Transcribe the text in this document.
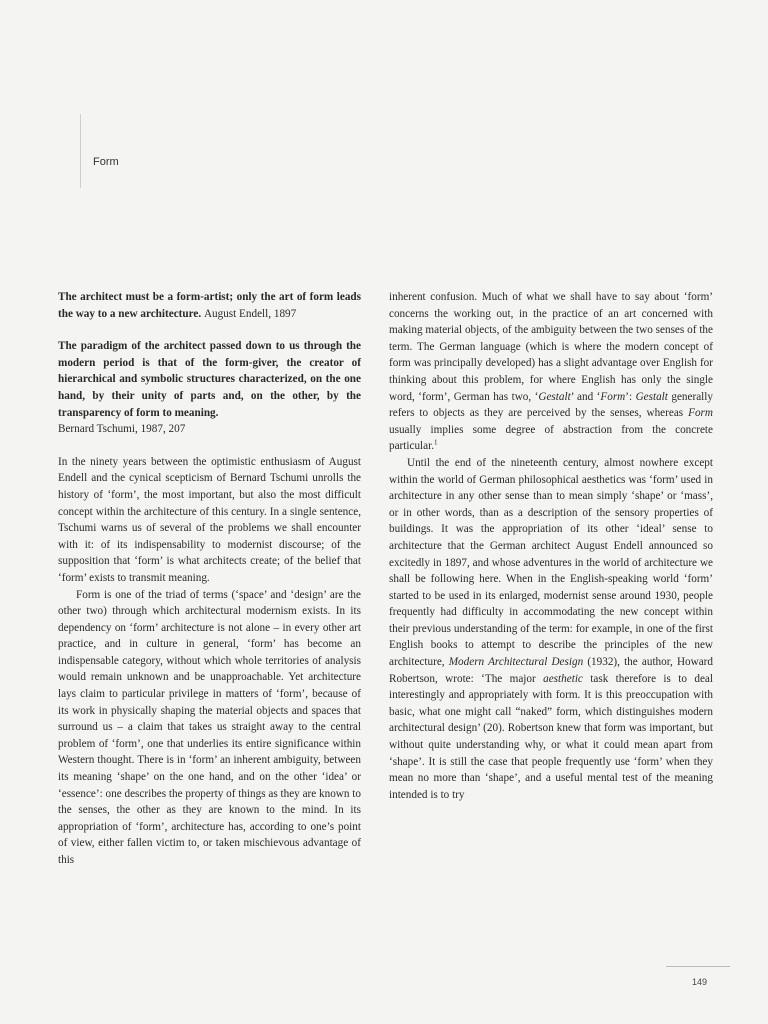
Form

The architect must be a form-artist; only the art of form leads the way to a new architecture. August Endell, 1897

The paradigm of the architect passed down to us through the modern period is that of the form-giver, the creator of hierarchical and symbolic structures characterized, on the one hand, by their unity of parts and, on the other, by the transparency of form to meaning.

Bernard Tschumi, 1987, 207

In the ninety years between the optimistic enthusiasm of August Endell and the cynical scepticism of Bernard Tschumi unrolls the history of ‘form’, the most important, but also the most difficult concept within the architecture of this century. In a single sentence, Tschumi warns us of several of the problems we shall encounter with it: of its indispensability to modernist discourse; of the supposition that ‘form’ is what architects create; of the belief that ‘form’ exists to transmit meaning.

Form is one of the triad of terms (‘space’ and ‘design’ are the other two) through which architectural modernism exists. In its dependency on ‘form’ architecture is not alone – in every other art practice, and in culture in general, ‘form’ has become an indispensable category, without which whole territories of analysis would remain unknown and be unapproachable. Yet architecture lays claim to particular privilege in matters of ‘form’, because of its work in physically shaping the material objects and spaces that surround us – a claim that takes us straight away to the central problem of ‘form’, one that underlies its entire significance within Western thought. There is in ‘form’ an inherent ambiguity, between its meaning ‘shape’ on the one hand, and on the other ‘idea’ or ‘essence’: one describes the property of things as they are known to the senses, the other as they are known to the mind. In its appropriation of ‘form’, architecture has, according to one’s point of view, either fallen victim to, or taken mischievous advantage of this

inherent confusion. Much of what we shall have to say about ‘form’ concerns the working out, in the practice of an art concerned with making material objects, of the ambiguity between the two senses of the term. The German language (which is where the modern concept of form was principally developed) has a slight advantage over English for thinking about this problem, for where English has only the single word, ‘form’, German has two, ‘Gestalt’ and ‘Form’: Gestalt generally refers to objects as they are perceived by the senses, whereas Form usually implies some degree of abstraction from the concrete particular.$^1$

Until the end of the nineteenth century, almost nowhere except within the world of German philosophical aesthetics was ‘form’ used in architecture in any other sense than to mean simply ‘shape’ or ‘mass’, or in other words, than as a description of the sensory properties of buildings. It was the appropriation of its other ‘ideal’ sense to architecture that the German architect August Endell announced so excitedly in 1897, and whose adventures in the world of architecture we shall be following here. When in the English-speaking world ‘form’ started to be used in its enlarged, modernist sense around 1930, people frequently had difficulty in accommodating the new concept within their previous understanding of the term: for example, in one of the first English books to attempt to describe the principles of the new architecture, Modern Architectural Design (1932), the author, Howard Robertson, wrote: ‘The major aesthetic task therefore is to deal interestingly and appropriately with form. It is this preoccupation with basic, what one might call “naked” form, which distinguishes modern architectural design’ (20). Robertson knew that form was important, but without quite understanding why, or what it could mean apart from ‘shape’. It is still the case that people frequently use ‘form’ when they mean no more than ‘shape’, and a useful mental test of the meaning intended is to try

149
